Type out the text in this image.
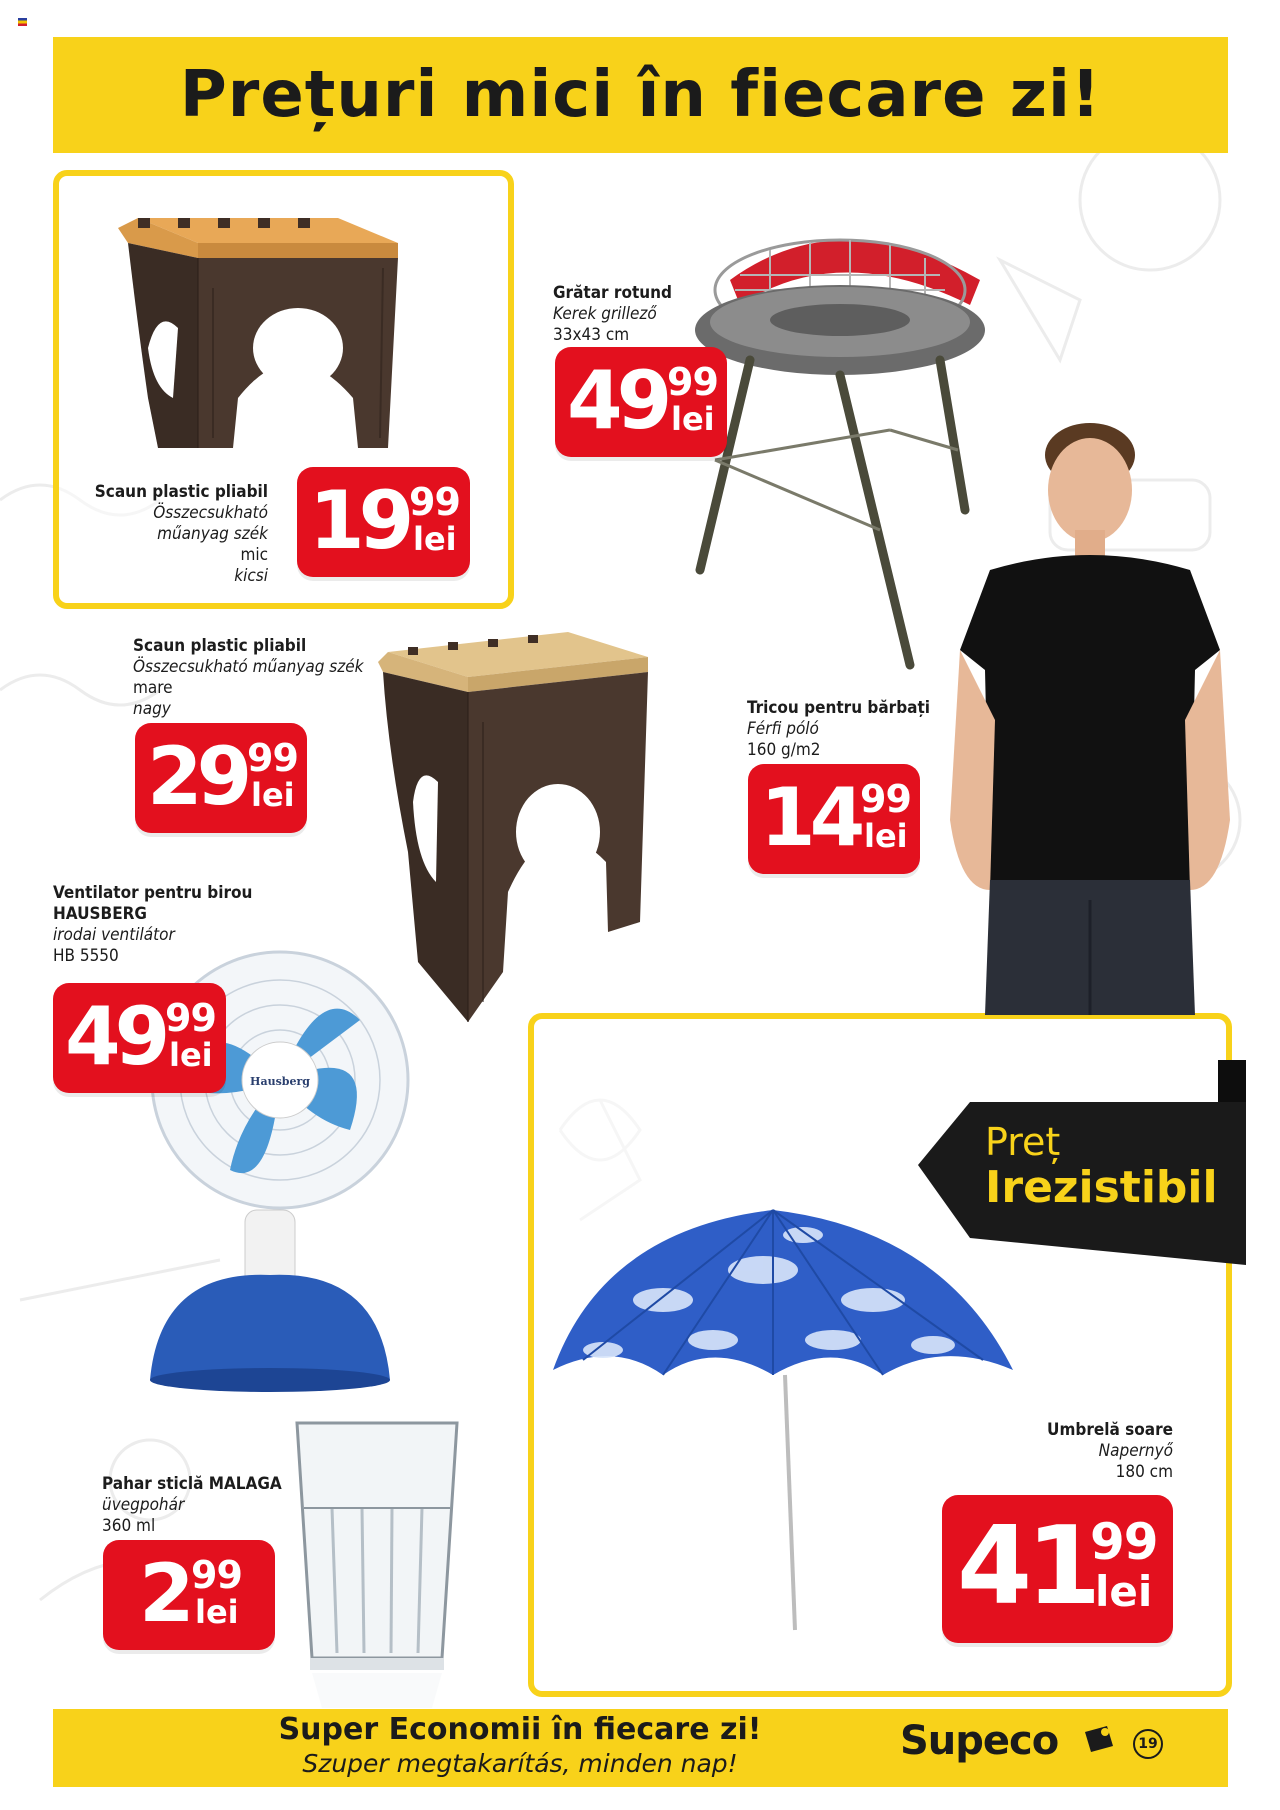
Prețuri mici în fiecare zi!
Scaun plastic pliabil
Összecsukható
műanyag szék
mic
kicsi
19 99
lei
Grătar rotund
Kerek grillező
33x43 cm
49 99
lei
Scaun plastic pliabil
Összecsukható műanyag szék
mare
nagy
29 99
lei
Tricou pentru bărbați
Férfi póló
160 g/m2
14 99
lei
Hausberg
Ventilator pentru birou
HAUSBERG
irodai ventilátor
HB 5550
49 99
lei
Pahar sticlă MALAGA
üvegpohár
360 ml
2 99
lei
Umbrelă soare
Napernyő
180 cm
41
99
lei
Preț
Irezistibil
Super Economii în fiecare zi!
Szuper megtakarítás, minden nap!	Supeco	19
